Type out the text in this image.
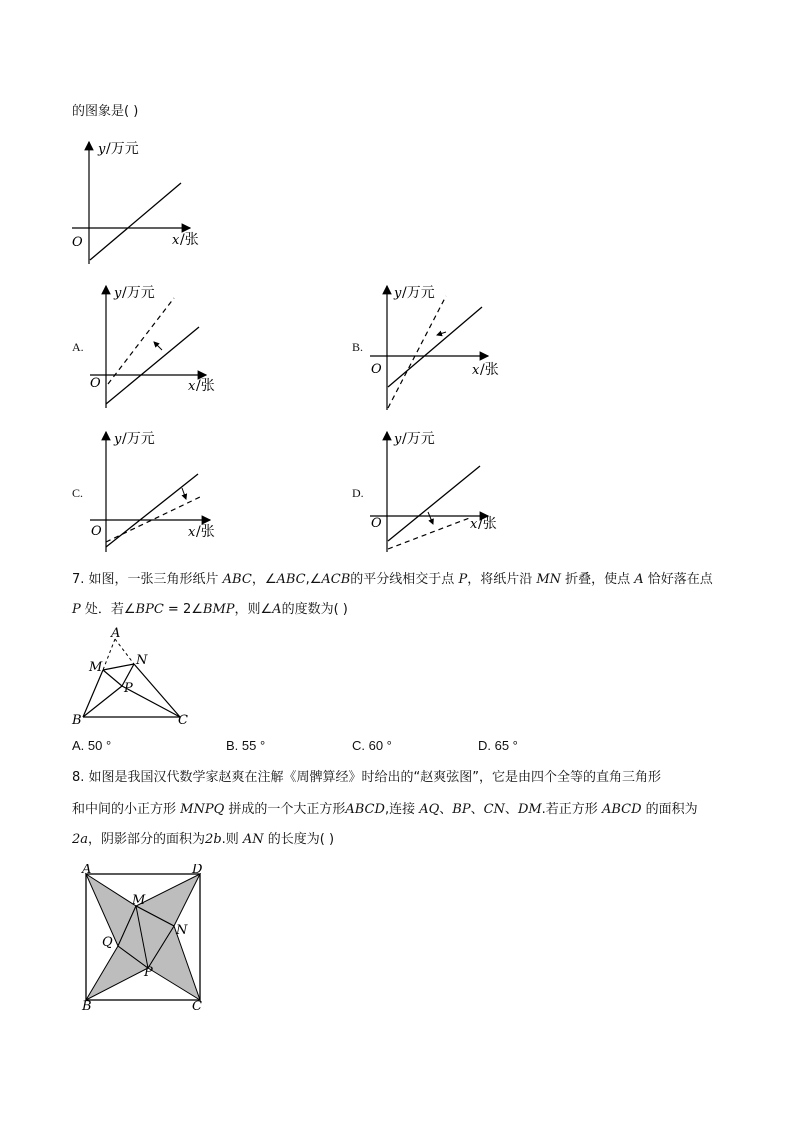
的图象是( )
y /万元
O	x /张
A.
y /万元
O	x /张
B.
y /万元
O	x /张
C.
y /万元
O	x /张
D.
y /万元
O	x /张
7. 如图，一张三角形纸片 ABC，∠ABC,∠ACB的平分线相交于点 P，将纸片沿 MN 折叠，使点 A 恰好落在点
P 处．若∠BPC = 2∠BMP，则∠A的度数为( )
A
M	N
P
B	C
A. 50 °	B. 55 °	C. 60 °	D. 65 °
8. 如图是我国汉代数学家赵爽在注解《周髀算经》时给出的“赵爽弦图”，它是由四个全等的直角三角形
和中间的小正方形 MNPQ 拼成的一个大正方形ABCD,连接 AQ、BP、CN、DM.若正方形 ABCD 的面积为
2a，阴影部分的面积为2b.则 AN 的长度为( )
A	D
M
N
Q
P
B	C
